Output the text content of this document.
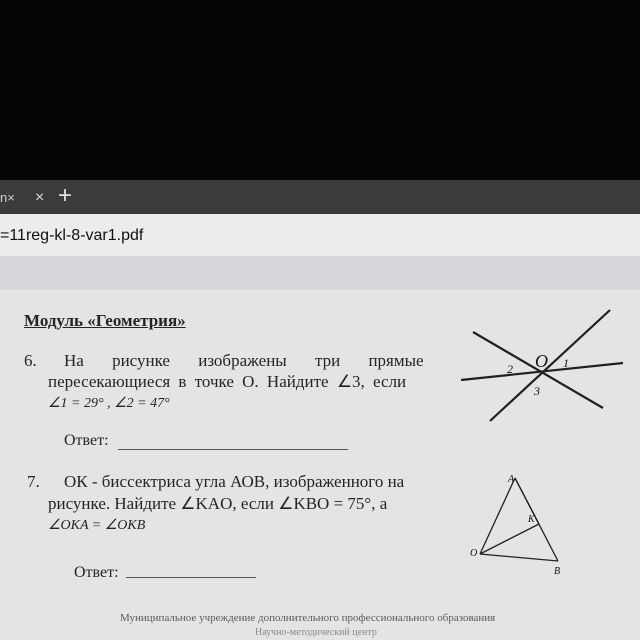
n×	× +
=11reg-kl-8-var1.pdf
Модуль «Геометрия»
6. На рисунке изображены три прямые
пересекающиеся в точке О. Найдите ∠3, если
∠1 = 29° , ∠2 = 47°
2 О 1
3
Ответ:
7. ОК - биссектриса угла АОВ, изображенного на
рисунке. Найдите ∠KAO, если ∠KBO = 75°, а
∠OKA = ∠OKB
A
K
O
B
Ответ:
Муниципальное учреждение дополнительного профессионального образования
Научно-методический центр
